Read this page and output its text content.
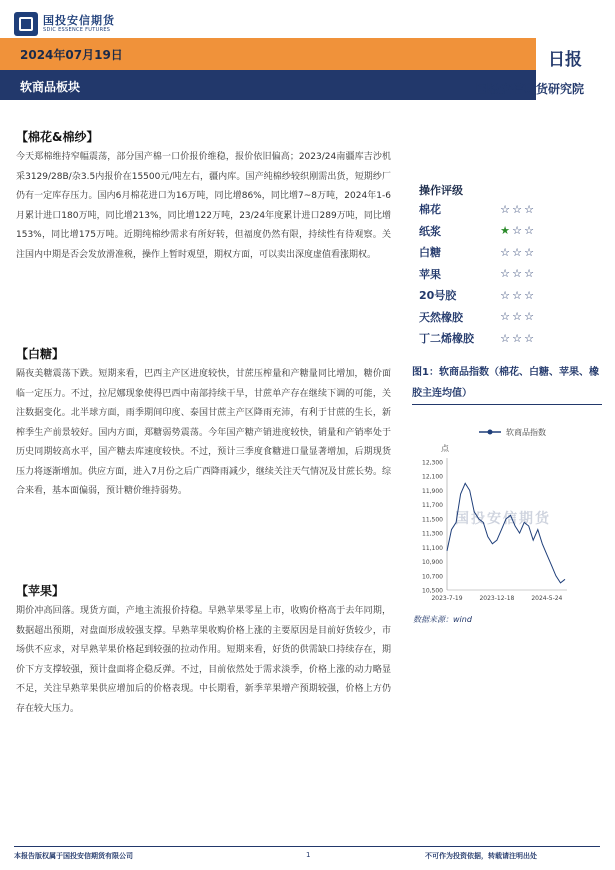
国投安信期货
SDIC ESSENCE FUTURES
2024年07月19日
软商品板块
日报
国投安信期货研究院
【棉花&棉纱】
今天郑棉维持窄幅震荡，部分国产棉一口价报价维稳，报价依旧偏高；2023/24南疆库吉沙机采3129/28B/杂3.5内报价在15500元/吨左右，疆内库。国产纯棉纱较织刚需出货，短期纱厂仍有一定库存压力。国内6月棉花进口为16万吨，同比增86%，同比增7~8万吨，2024年1-6月累计进口180万吨，同比增213%，同比增122万吨，23/24年度累计进口289万吨，同比增153%，同比增175万吨。近期纯棉纱需求有所好转，但福度仍然有限，持续性有待观察。关注国内中期是否会发放滑准税，操作上暂时观望，期权方面，可以卖出深度虚值看涨期权。
【白糖】
隔夜美糖震荡下跌。短期来看，巴西主产区进度较快，甘蔗压榨量和产糖量同比增加，糖价面临一定压力。不过，拉尼娜现象使得巴西中南部持续干旱，甘蔗单产存在继续下调的可能，关注数据变化。北半球方面，雨季期间印度、泰国甘蔗主产区降雨充沛，有利于甘蔗的生长，新榨季生产前景较好。国内方面，郑糖弱势震荡。今年国产糖产销进度较快，销量和产销率处于历史同期较高水平，国产糖去库速度较快。不过，预计三季度食糖进口量显著增加，后期现货压力将逐渐增加。供应方面，进入7月份之后广西降雨减少，继续关注天气情况及甘蔗长势。综合来看，基本面偏弱，预计糖价维持弱势。
【苹果】
期价冲高回落。现货方面，产地主流报价持稳。早熟苹果零星上市，收购价格高于去年同期，数据超出预期，对盘面形成较强支撑。早熟苹果收购价格上涨的主要原因是目前好货较少，市场供不应求，对早熟苹果价格起到较强的拉动作用。短期来看，好货的供需缺口持续存在，期价下方支撑较强，预计盘面将企稳反弹。不过，目前依然处于需求淡季，价格上涨的动力略显不足，关注早熟苹果供应增加后的价格表现。中长期看，新季苹果增产预期较强，价格上方仍存在较大压力。
操作评级
棉花	☆ ☆ ☆
纸浆	★ ☆ ☆
白糖	☆ ☆ ☆
苹果	☆ ☆ ☆
20号胶	☆ ☆ ☆
天然橡胶	☆ ☆ ☆
丁二烯橡胶	☆ ☆ ☆
图1：软商品指数（棉花、白糖、苹果、橡胶主连均值）
软商品指数
点
10,500
10,700
10,900
11,100
11,300
11,500
11,700
11,900
12,100
12,300
2023-7-19	2023-12-18	2024-5-24
国投安信期货
数据来源：wind
本报告版权属于国投安信期货有限公司	1	不可作为投资依据，转载请注明出处
